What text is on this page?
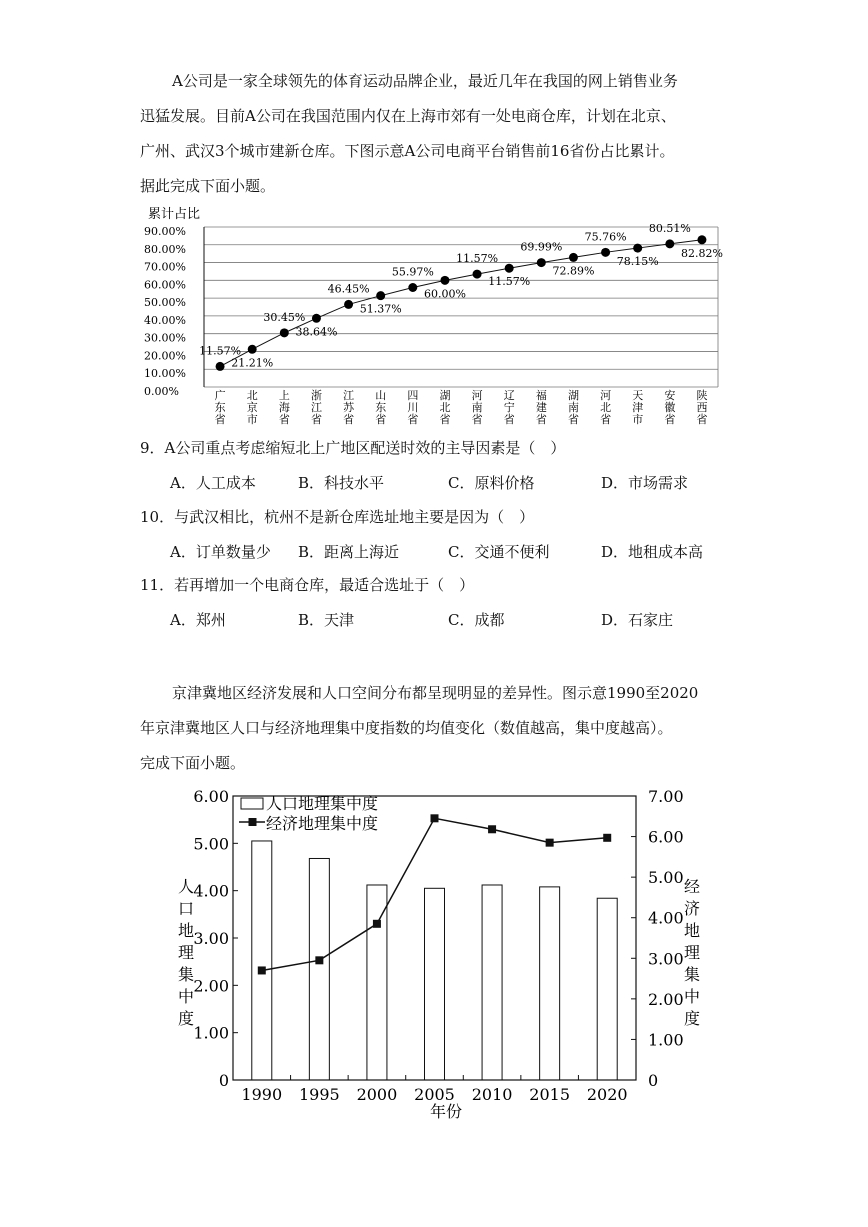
A公司是一家全球领先的体育运动品牌企业，最近几年在我国的网上销售业务
迅猛发展。目前A公司在我国范围内仅在上海市郊有一处电商仓库，计划在北京、
广州、武汉3个城市建新仓库。下图示意A公司电商平台销售前16省份占比累计。
据此完成下面小题。
累计占比
0.00%
10.00%
20.00%
30.00%
40.00%
50.00%
60.00%
70.00%
80.00%
90.00%
广东省
北京市
上海省
浙江省
江苏省
山东省
四川省
湖北省
河南省
辽宁省
福建省
湖南省
河北省
天津市
安徽省
陕西省
11.57%
21.21%
30.45%
38.64%
46.45%
51.37%
55.97%
60.00%
11.57%
11.57%
69.99%
72.89%
75.76%
78.15%
80.51%
82.82%
9．A公司重点考虑缩短北上广地区配送时效的主导因素是（　）
A．人工成本	B．科技水平	C．原料价格	D．市场需求
10．与武汉相比，杭州不是新仓库选址地主要是因为（　）
A．订单数量少 B．距离上海近	C．交通不便利	D．地租成本高
11．若再增加一个电商仓库，最适合选址于（　）
A．郑州	B．天津	C．成都	D．石家庄
京津冀地区经济发展和人口空间分布都呈现明显的差异性。图示意1990至2020
年京津冀地区人口与经济地理集中度指数的均值变化（数值越高，集中度越高）。
完成下面小题。
人
口
地
理
集
中
度
经
济
地
理
集
中
度
0
1.00
2.00
3.00
4.00
5.00
6.00
0
1.00
2.00
3.00
4.00
5.00
6.00
7.00
1990 1995 2000 2005 2010 2015 2020
人口地理集中度
经济地理集中度
年份
